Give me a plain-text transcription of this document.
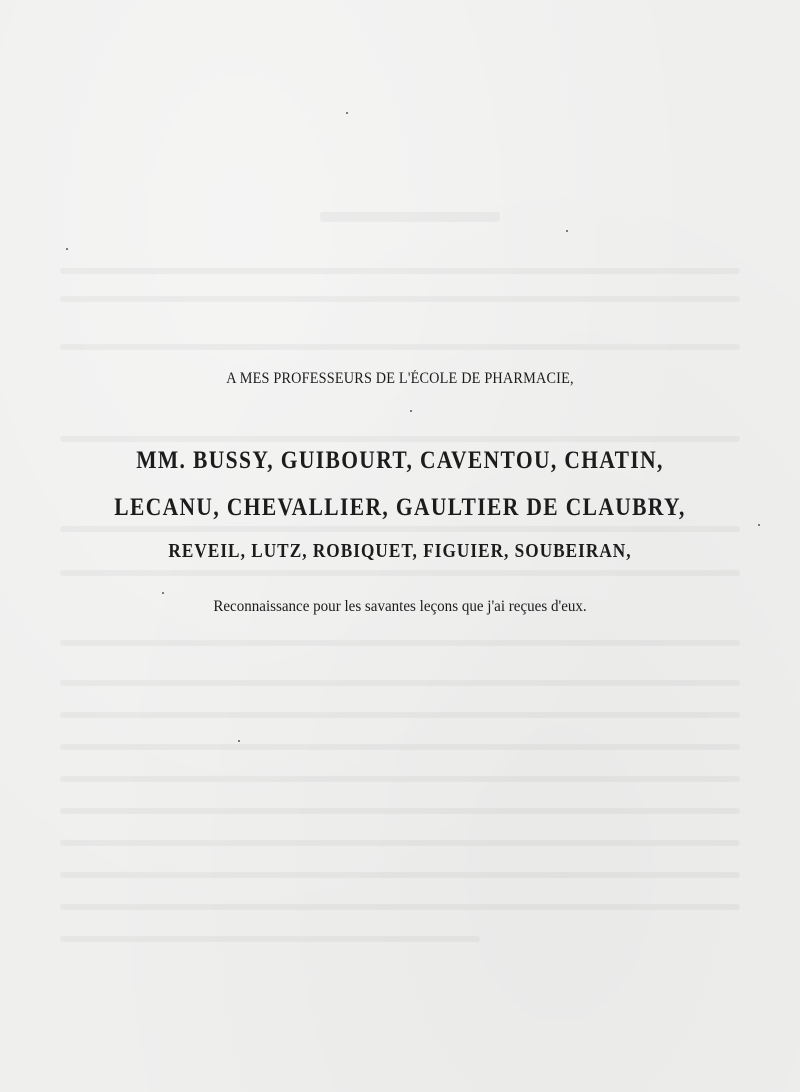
A MES PROFESSEURS DE L'ÉCOLE DE PHARMACIE,
MM. BUSSY, GUIBOURT, CAVENTOU, CHATIN,
LECANU, CHEVALLIER, GAULTIER DE CLAUBRY,
REVEIL, LUTZ, ROBIQUET, FIGUIER, SOUBEIRAN,
Reconnaissance pour les savantes leçons que j'ai reçues d'eux.
